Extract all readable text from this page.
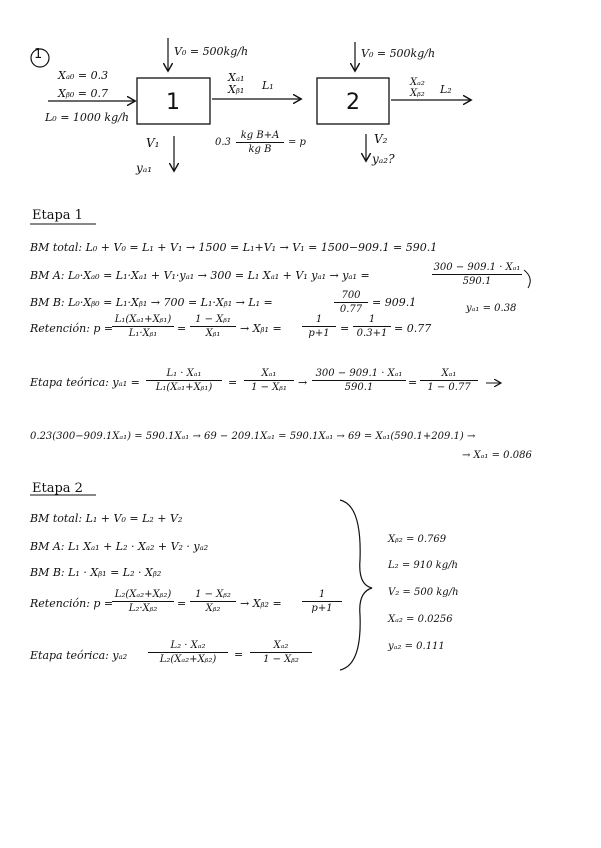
1
Xₐ₀ = 0.3
Xᵦ₀ = 0.7
L₀ = 1000 kg/h
V₀ = 500kg/h	V₀ = 500kg/h
1	2
Xₐ₁
Xᵦ₁ L₁	Xₐ₂
Xᵦ₂ L₂
V₁
yₐ₁
V₂
yₐ₂?
0.3
kg B+A
kg B
= p
Etapa 1
BM total: L₀ + V₀ = L₁ + V₁ → 1500 = L₁+V₁ → V₁ = 1500−909.1 = 590.1
BM A: L₀·Xₐ₀ = L₁·Xₐ₁ + V₁·yₐ₁ → 300 = L₁ Xₐ₁ + V₁ yₐ₁ → yₐ₁ =
300 − 909.1 · Xₐ₁
590.1
BM B: L₀·Xᵦ₀ = L₁·Xᵦ₁ → 700 = L₁·Xᵦ₁ → L₁ =
700
0.77
= 909.1	yₐ₁ = 0.38
Retención: p =
L₁(Xₐ₁+Xᵦ₁)
L₁·Xᵦ₁	=
1 − Xᵦ₁
Xᵦ₁	→ Xᵦ₁ =
1
p+1 =
1
0.3+1 = 0.77
Etapa teórica: yₐ₁ =
L₁ · Xₐ₁
L₁(Xₐ₁+Xᵦ₁)	=
Xₐ₁
1 − Xᵦ₁	→
300 − 909.1 · Xₐ₁
590.1	=
Xₐ₁
1 − 0.77
0.23(300−909.1Xₐ₁) = 590.1Xₐ₁ → 69 − 209.1Xₐ₁ = 590.1Xₐ₁ → 69 = Xₐ₁(590.1+209.1) →
→ Xₐ₁ = 0.086
Etapa 2
BM total: L₁ + V₀ = L₂ + V₂
BM A: L₁ Xₐ₁ + L₂ · Xₐ₂ + V₂ · yₐ₂
BM B: L₁ · Xᵦ₁ = L₂ · Xᵦ₂
Retención: p =
L₂(Xₐ₂+Xᵦ₂)
L₂·Xᵦ₂	=
1 − Xᵦ₂
Xᵦ₂	→ Xᵦ₂ =
1
p+1
Etapa teórica: yₐ₂
L₂ · Xₐ₂
L₂(Xₐ₂+Xᵦ₂)	=
Xₐ₂
1 − Xᵦ₂
Xᵦ₂ = 0.769
L₂ = 910 kg/h
V₂ = 500 kg/h
Xₐ₂ = 0.0256
yₐ₂ = 0.111
